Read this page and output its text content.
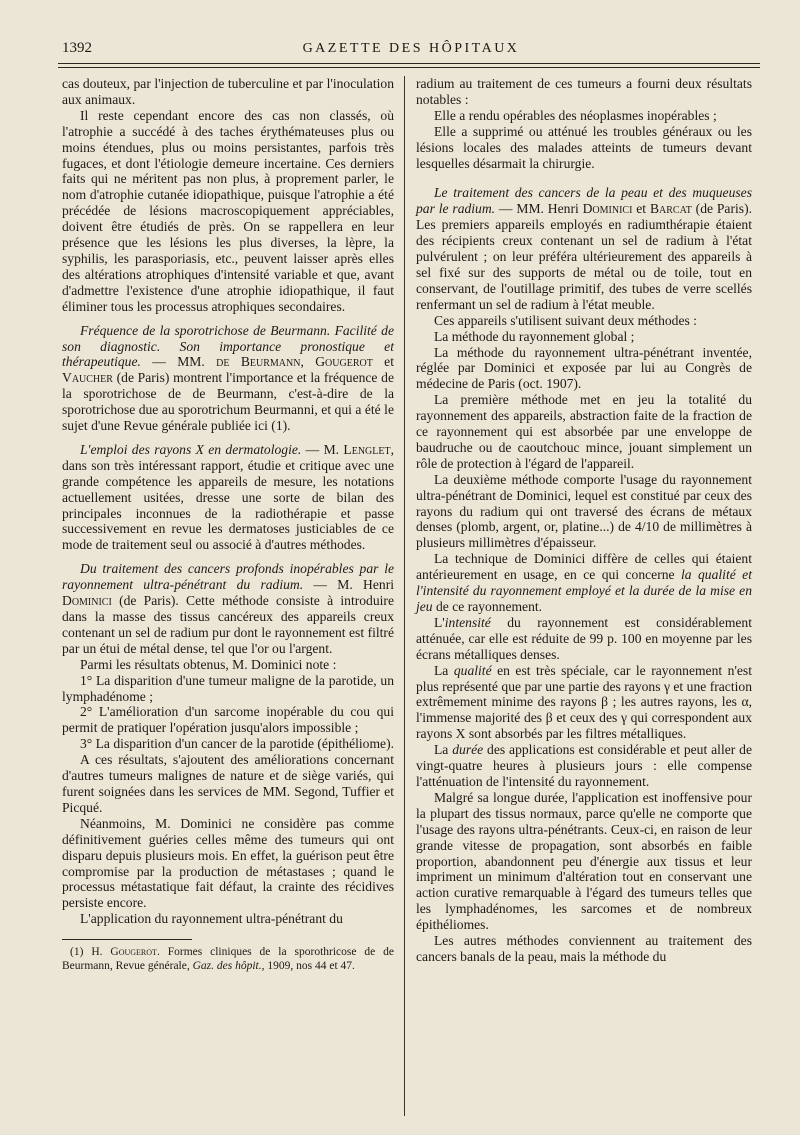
1392	GAZETTE DES HÔPITAUX

cas douteux, par l'injection de tuberculine et par l'inoculation aux animaux.

Il reste cependant encore des cas non classés, où l'atrophie a succédé à des taches érythémateuses plus ou moins étendues, plus ou moins persistantes, parfois très fugaces, et dont l'étiologie demeure incertaine. Ces derniers faits qui ne méritent pas non plus, à proprement parler, le nom d'atrophie cutanée idiopathique, puisque l'atrophie a été précédée de lésions macroscopiquement appréciables, doivent être étudiés de près. On se rappellera en leur présence que les lésions les plus diverses, la lèpre, la syphilis, les parasporiasis, etc., peuvent laisser après elles des altérations atrophiques d'intensité variable et que, avant d'admettre l'existence d'une atrophie idiopathique, il faut éliminer tous les processus atrophiques secondaires.

Fréquence de la sporotrichose de Beurmann. Facilité de son diagnostic. Son importance pronostique et thérapeutique. — MM. de Beurmann, Gougerot et Vaucher (de Paris) montrent l'importance et la fréquence de la sporotrichose de de Beurmann, c'est-à-dire de la sporotrichose due au sporotrichum Beurmanni, et qui a été le sujet d'une Revue générale publiée ici (1).

L'emploi des rayons X en dermatologie. — M. Lenglet, dans son très intéressant rapport, étudie et critique avec une grande compétence les appareils de mesure, les notations actuellement usitées, dresse une sorte de bilan des principales inconnues de la radiothérapie et passe successivement en revue les dermatoses justiciables de ce mode de traitement seul ou associé à d'autres méthodes.

Du traitement des cancers profonds inopérables par le rayonnement ultra-pénétrant du radium. — M. Henri Dominici (de Paris). Cette méthode consiste à introduire dans la masse des tissus cancéreux des appareils creux contenant un sel de radium pur dont le rayonnement est filtré par un étui de métal dense, tel que l'or ou l'argent.

Parmi les résultats obtenus, M. Dominici note :

1° La disparition d'une tumeur maligne de la parotide, un lymphadénome ;

2° L'amélioration d'un sarcome inopérable du cou qui permit de pratiquer l'opération jusqu'alors impossible ;

3° La disparition d'un cancer de la parotide (épithéliome).

A ces résultats, s'ajoutent des améliorations concernant d'autres tumeurs malignes de nature et de siège variés, qui furent soignées dans les services de MM. Segond, Tuffier et Picqué.

Néanmoins, M. Dominici ne considère pas comme définitivement guéries celles même des tumeurs qui ont disparu depuis plusieurs mois. En effet, la guérison peut être compromise par la production de métastases ; quand le processus métastatique fait défaut, la crainte des récidives persiste encore.

L'application du rayonnement ultra-pénétrant du

(1) H. Gougerot. Formes cliniques de la sporothricose de de Beurmann, Revue générale, Gaz. des hôpit., 1909, nos 44 et 47.

radium au traitement de ces tumeurs a fourni deux résultats notables :

Elle a rendu opérables des néoplasmes inopérables ;

Elle a supprimé ou atténué les troubles généraux ou les lésions locales des malades atteints de tumeurs devant lesquelles désarmait la chirurgie.

Le traitement des cancers de la peau et des muqueuses par le radium. — MM. Henri Dominici et Barcat (de Paris). Les premiers appareils employés en radiumthérapie étaient des récipients creux contenant un sel de radium à l'état pulvérulent ; on leur préféra ultérieurement des appareils à sel fixé sur des supports de métal ou de toile, tout en conservant, de l'outillage primitif, des tubes de verre scellés renfermant un sel de radium à l'état meuble.

Ces appareils s'utilisent suivant deux méthodes :

La méthode du rayonnement global ;

La méthode du rayonnement ultra-pénétrant inventée, réglée par Dominici et exposée par lui au Congrès de médecine de Paris (oct. 1907).

La première méthode met en jeu la totalité du rayonnement des appareils, abstraction faite de la fraction de ce rayonnement qui est absorbée par une enveloppe de baudruche ou de caoutchouc mince, jouant simplement un rôle de protection à l'égard de l'appareil.

La deuxième méthode comporte l'usage du rayonnement ultra-pénétrant de Dominici, lequel est constitué par ceux des rayons du radium qui ont traversé des écrans de métaux denses (plomb, argent, or, platine...) de 4/10 de millimètres à plusieurs millimètres d'épaisseur.

La technique de Dominici diffère de celles qui étaient antérieurement en usage, en ce qui concerne la qualité et l'intensité du rayonnement employé et la durée de la mise en jeu de ce rayonnement.

L'intensité du rayonnement est considérablement atténuée, car elle est réduite de 99 p. 100 en moyenne par les écrans métalliques denses.

La qualité en est très spéciale, car le rayonnement n'est plus représenté que par une partie des rayons γ et une fraction extrêmement minime des rayons β ; les autres rayons, les α, l'immense majorité des β et ceux des γ qui correspondent aux rayons X sont absorbés par les filtres métalliques.

La durée des applications est considérable et peut aller de vingt-quatre heures à plusieurs jours : elle compense l'atténuation de l'intensité du rayonnement.

Malgré sa longue durée, l'application est inoffensive pour la plupart des tissus normaux, parce qu'elle ne comporte que l'usage des rayons ultra-pénétrants. Ceux-ci, en raison de leur grande vitesse de propagation, sont absorbés en faible proportion, abandonnent peu d'énergie aux tissus et leur impriment un minimum d'altération tout en conservant une action curative remarquable à l'égard des tumeurs telles que les lymphadénomes, les sarcomes et de nombreux épithéliomes.

Les autres méthodes conviennent au traitement des cancers banals de la peau, mais la méthode du
